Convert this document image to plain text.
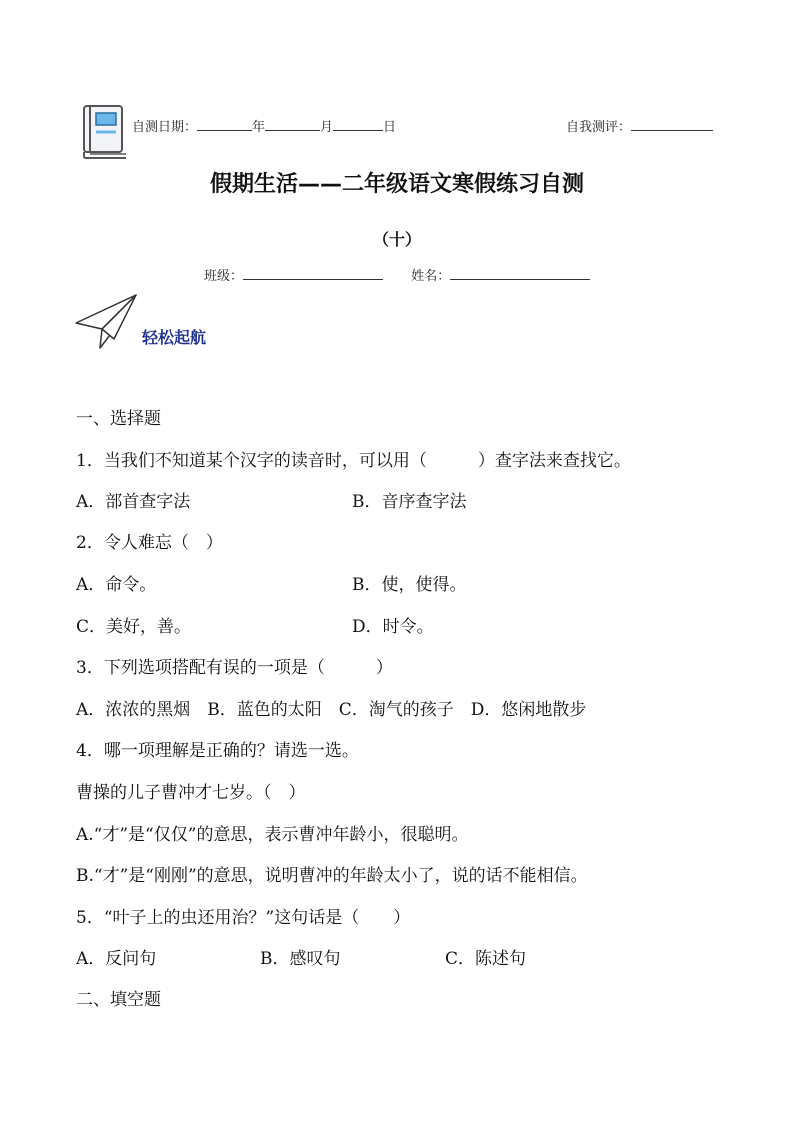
自测日期：	年	月	日	自我测评：
假期生活——二年级语文寒假练习自测
（十）
班级：	姓名：
轻松起航
一、选择题
1．当我们不知道某个汉字的读音时，可以用（　　　）查字法来查找它。
A．部首查字法	B．音序查字法
2．令人难忘（　）
A．命令。	B．使，使得。
C．美好，善。	D．时令。
3．下列选项搭配有误的一项是（　　　）
A．浓浓的黑烟　B．蓝色的太阳　C．淘气的孩子　D．悠闲地散步
4．哪一项理解是正确的？请选一选。
曹操的儿子曹冲才七岁。（　）
A.“才”是“仅仅”的意思，表示曹冲年龄小，很聪明。
B.“才”是“刚刚”的意思，说明曹冲的年龄太小了，说的话不能相信。
5．“叶子上的虫还用治？”这句话是（　　）
A．反问句	B．感叹句	C．陈述句
二、填空题
